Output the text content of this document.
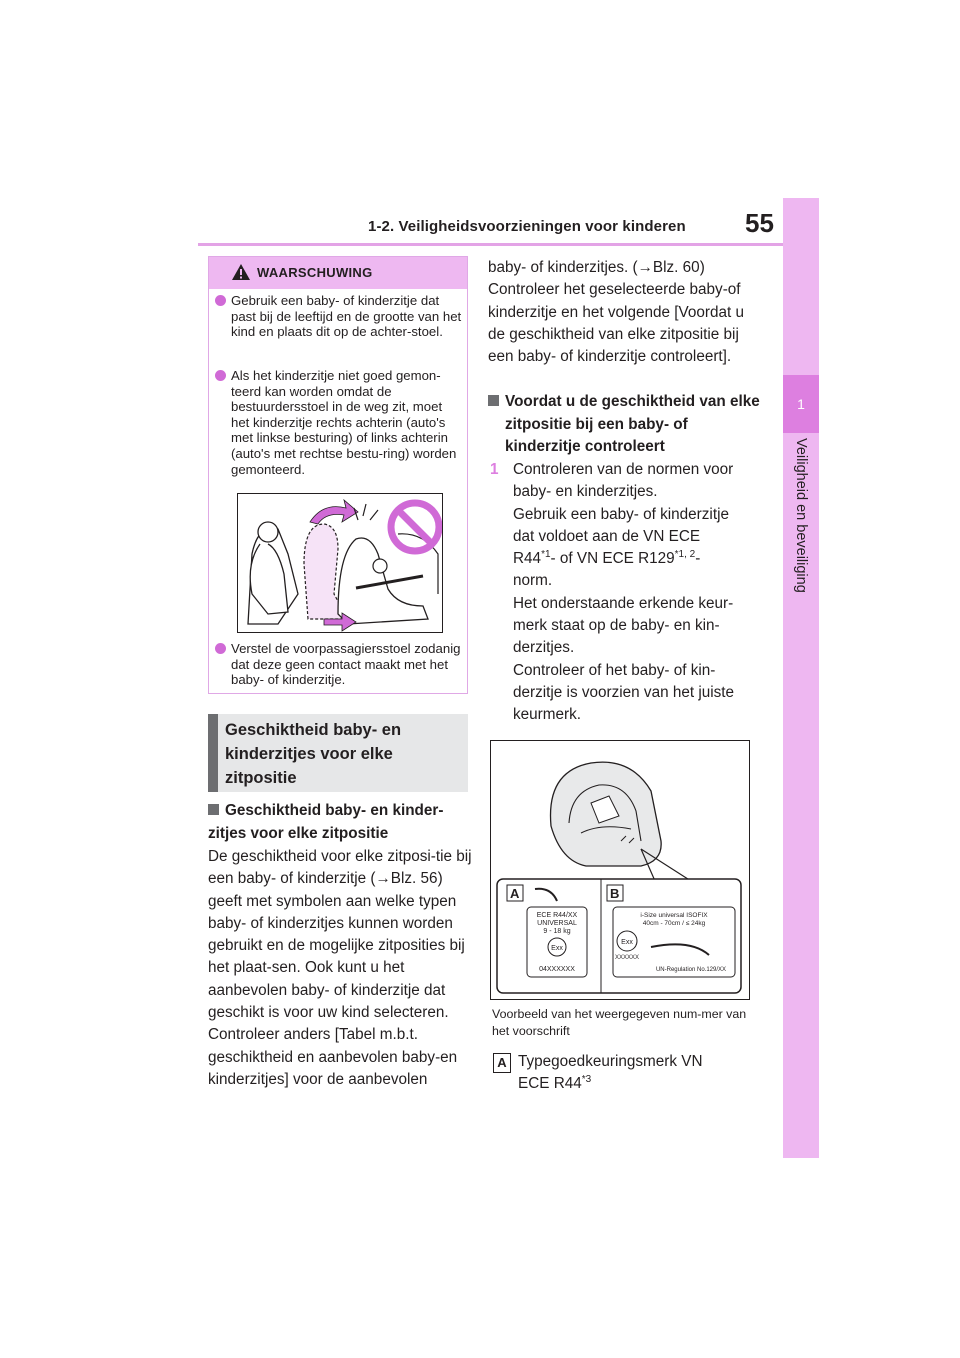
1-2. Veiligheidsvoorzieningen voor kinderen 55
1
Veiligheid en beveiliging
WAARSCHUWING
Gebruik een baby- of kinderzitje dat past bij de leeftijd en de grootte van het kind en plaats dit op de achter-stoel.
Als het kinderzitje niet goed gemon-teerd kan worden omdat de bestuurdersstoel in de weg zit, moet het kinderzitje rechts achterin (auto's met linkse besturing) of links achterin (auto's met rechtse bestu-ring) worden gemonteerd.
Verstel de voorpassagiersstoel zodanig dat deze geen contact maakt met het baby- of kinderzitje.
Geschiktheid baby- en kinderzitjes voor elke zitpositie
Geschiktheid baby- en kinder-zitjes voor elke zitpositie
De geschiktheid voor elke zitposi-tie bij een baby- of kinderzitje (→Blz. 56) geeft met symbolen aan welke typen baby- of kinderzitjes kunnen worden gebruikt en de mogelijke zitposities bij het plaat-sen. Ook kunt u het aanbevolen baby- of kinderzitje dat geschikt is voor uw kind selecteren. Controleer anders [Tabel m.b.t. geschiktheid en aanbevolen baby-en kinderzitjes] voor de aanbevolen
baby- of kinderzitjes. (→Blz. 60) Controleer het geselecteerde baby-of kinderzitje en het volgende [Voordat u de geschiktheid van elke zitpositie bij een baby- of kinderzitje controleert].
Voordat u de geschiktheid van elke zitpositie bij een baby- of kinderzitje controleert
1 Controleren van de normen voor baby- en kinderzitjes.
Gebruik een baby- of kinderzitje dat voldoet aan de VN ECE
R44$^{*1}$- of VN ECE R129$^{*1, 2}$-
norm.
Het onderstaande erkende keur-merk staat op de baby- en kin-derzitjes.
Controleer of het baby- of kin-derzitje is voorzien van het juiste keurmerk.
A
ECE R44/XX
UNIVERSAL
9 - 18 kg
Exx
04XXXXXX
B
i-Size universal ISOFIX
40cm - 70cm / ≤ 24kg
Exx
XXXXXX
UN-Regulation No.129/XX
Voorbeeld van het weergegeven num-mer van het voorschrift
A Typegoedkeuringsmerk VN ECE R44$^{*3}$
